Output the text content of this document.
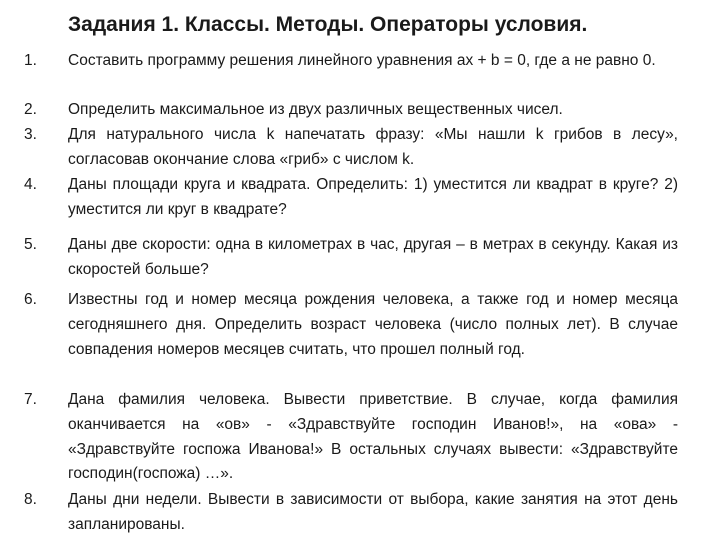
Задания 1. Классы. Методы. Операторы условия.
1. Составить программу решения линейного уравнения ax + b = 0, где a не равно 0.

2. Определить максимальное из двух различных вещественных чисел.

3. Для натурального числа k напечатать фразу: «Мы нашли k грибов в лесу», согласовав окончание слова «гриб» с числом k.

4. Даны площади круга и квадрата. Определить: 1) уместится ли квадрат в круге? 2) уместится ли круг в квадрате?

5. Даны две скорости: одна в километрах в час, другая – в метрах в секунду. Какая из скоростей больше?

6. Известны год и номер месяца рождения человека, а также год и номер месяца сегодняшнего дня. Определить возраст человека (число полных лет). В случае совпадения номеров месяцев считать, что прошел полный год.

7. Дана фамилия человека. Вывести приветствие. В случае, когда фамилия оканчивается на «ов» - «Здравствуйте господин Иванов!», на «ова» - «Здравствуйте госпожа Иванова!» В остальных случаях вывести: «Здравствуйте господин(госпожа) …».

8. Даны дни недели. Вывести в зависимости от выбора, какие занятия на этот день запланированы.
